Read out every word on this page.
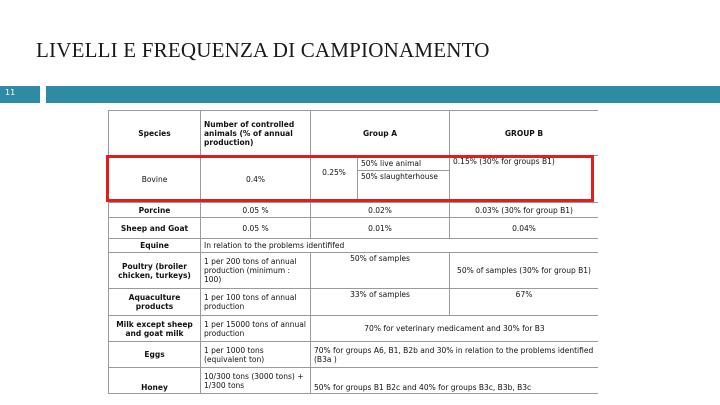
LIVELLI E FREQUENZA DI CAMPIONAMENTO
11
Species	Number of controlled animals (% of annual production)	Group A		GROUP B
Bovine	0.4%	0.25%	50% live animal	0.15% (30% for groups B1)
			50% slaughterhouse	
Porcine	0.05 %	0.02%		0.03% (30% for group B1)
Sheep and Goat	0.05 %	0.01%		0.04%
Equine	In relation to the problems identififed			
Poultry (broiler chicken, turkeys)	1 per 200 tons of annual production (minimum : 100)	50% of samples		50% of samples (30% for group B1)
Aquaculture products	1 per 100 tons of annual production	33% of samples		67%
Milk except sheep and goat milk	1 per 15000 tons of annual production	70% for veterinary medicament and 30% for B3		
Eggs	1 per 1000 tons (equivalent ton)	70% for groups A6, B1, B2b and 30% in relation to the problems identified (B3a )		
Honey	10/300 tons (3000 tons) + 1/300 tons	50% for groups B1 B2c and 40% for groups B3c, B3b, B3c		
